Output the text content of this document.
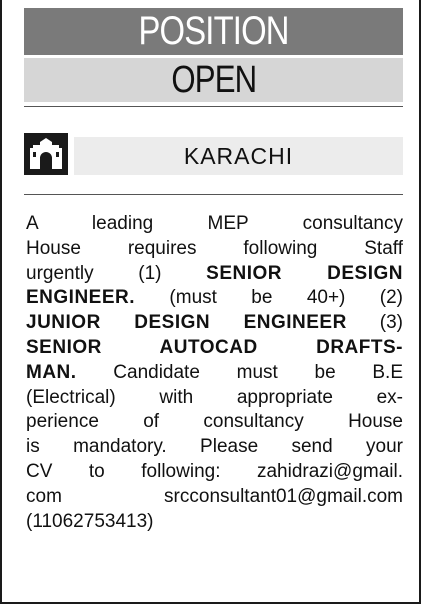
POSITION
OPEN
KARACHI
A leading MEP consultancy
House requires following Staff
urgently (1) SENIOR DESIGN
ENGINEER. (must be 40+) (2)
JUNIOR DESIGN ENGINEER (3)
SENIOR AUTOCAD DRAFTS-
MAN. Candidate must be B.E
(Electrical) with appropriate ex-
perience of consultancy House
is mandatory. Please send your
CV to following: zahidrazi@gmail.
com srcconsultant01@gmail.com
(11062753413)
